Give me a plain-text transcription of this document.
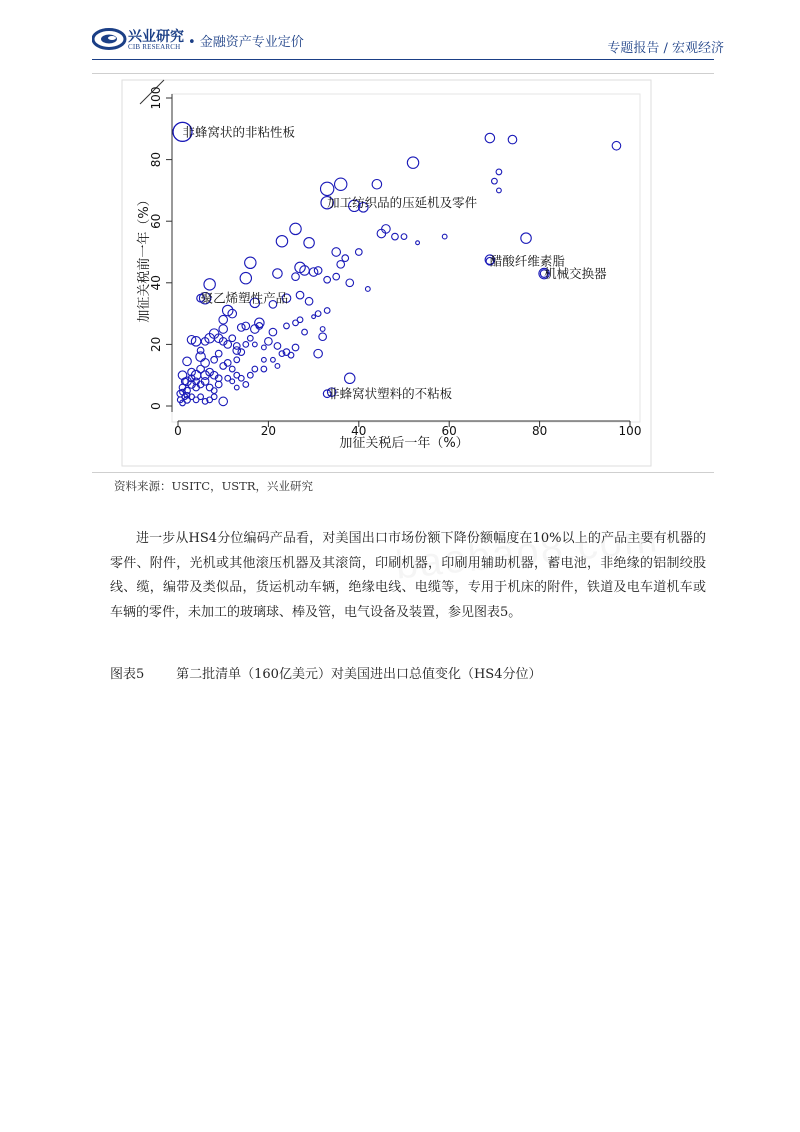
兴业研究
CIB RESEARCH • 金融资产专业定价	专题报告 / 宏观经济
0
20
40
60
80
100
0	20	40	60	80	100
非蜂窝状的非粘性板
加工纺织品的压延机及零件
醋酸纤维素脂
机械交换器
聚乙烯塑性产品
非蜂窝状塑料的不粘板
加征关税后一年（%）
加征关税前一年（%）
资料来源：USITC，USTR，兴业研究

进一步从HS4分位编码产品看，对美国出口市场份额下降份额幅度在10%以上的产品主要有机器的零件、附件，光机或其他滚压机器及其滚筒，印刷机器，印刷用辅助机器，蓄电池，非绝缘的铝制绞股线、缆，编带及类似品，货运机动车辆，绝缘电线、电缆等，专用于机床的附件，铁道及电车道机车或车辆的零件，未加工的玻璃球、棒及管，电气设备及装置，参见图表5。

图表5 第二批清单（160亿美元）对美国进出口总值变化（HS4分位）
